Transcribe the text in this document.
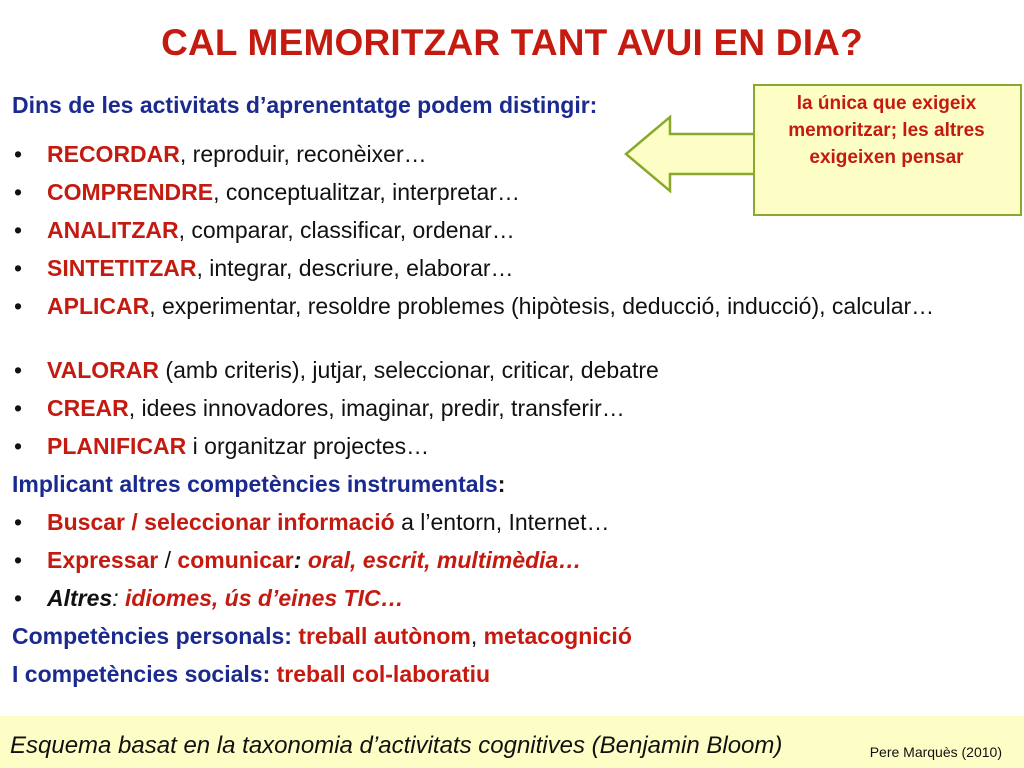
CAL MEMORITZAR TANT AVUI EN DIA?
Dins de les activitats d’aprenentatge podem distingir:
• RECORDAR, reproduir, reconèixer…
• COMPRENDRE, conceptualitzar, interpretar…
• ANALITZAR, comparar, classificar, ordenar…
• SINTETITZAR, integrar, descriure, elaborar…
• APLICAR, experimentar, resoldre problemes (hipòtesis, deducció, inducció), calcular…
• VALORAR (amb criteris), jutjar, seleccionar, criticar, debatre
• CREAR, idees innovadores, imaginar, predir, transferir…
• PLANIFICAR i organitzar projectes…
Implicant altres competències instrumentals:
• Buscar / seleccionar informació a l’entorn, Internet…
• Expressar / comunicar: oral, escrit, multimèdia…
• Altres: idiomes, ús d’eines TIC…
Competències personals: treball autònom, metacognició
I competències socials: treball col-laboratiu
la única que exigeix memoritzar; les altres exigeixen pensar
Esquema basat en la taxonomia d’activitats cognitives (Benjamin Bloom)	Pere Marquès (2010)
